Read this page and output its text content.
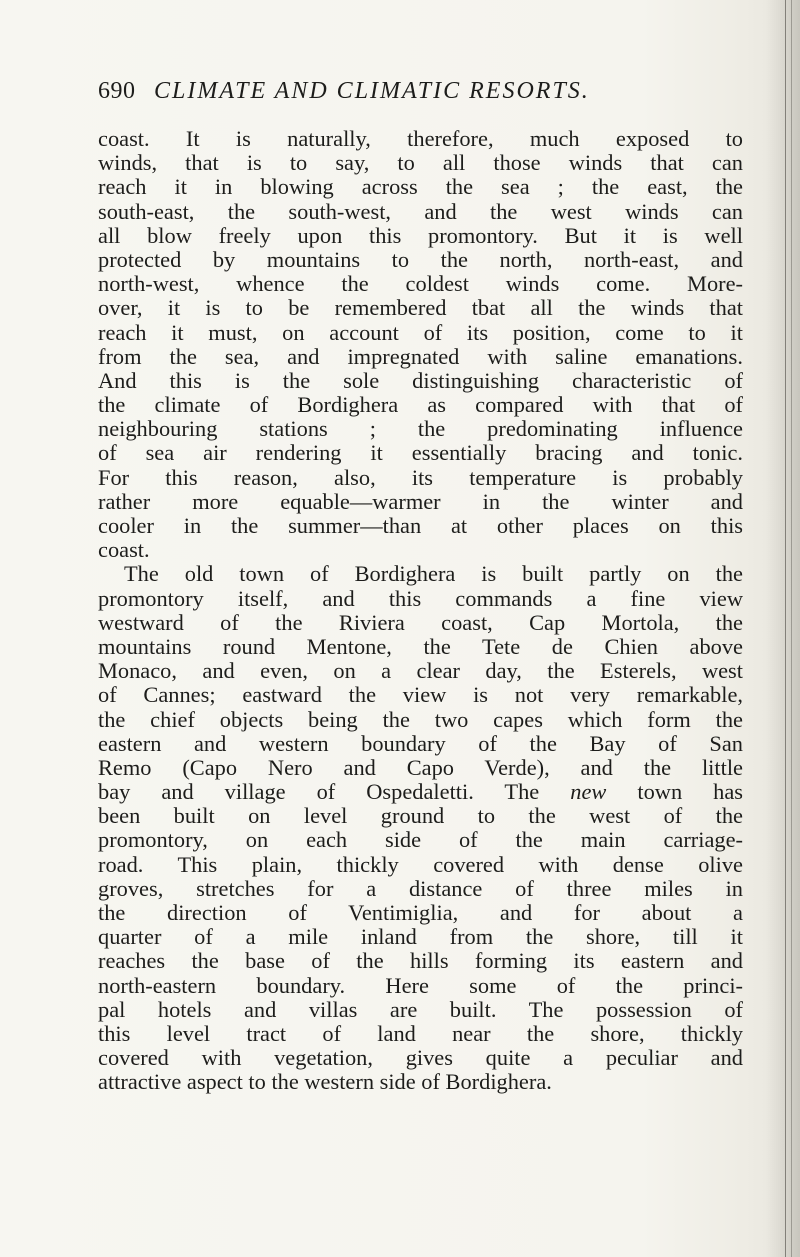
690 CLIMATE AND CLIMATIC RESORTS.
coast. It is naturally, therefore, much exposed to
winds, that is to say, to all those winds that can
reach it in blowing across the sea ; the east, the
south-east, the south-west, and the west winds can
all blow freely upon this promontory. But it is well
protected by mountains to the north, north-east, and
north-west, whence the coldest winds come. More-
over, it is to be remembered tbat all the winds that
reach it must, on account of its position, come to it
from the sea, and impregnated with saline emanations.
And this is the sole distinguishing characteristic of
the climate of Bordighera as compared with that of
neighbouring stations ; the predominating influence
of sea air rendering it essentially bracing and tonic.
For this reason, also, its temperature is probably
rather more equable—warmer in the winter and
cooler in the summer—than at other places on this
coast.
The old town of Bordighera is built partly on the
promontory itself, and this commands a fine view
westward of the Riviera coast, Cap Mortola, the
mountains round Mentone, the Tete de Chien above
Monaco, and even, on a clear day, the Esterels, west
of Cannes; eastward the view is not very remarkable,
the chief objects being the two capes which form the
eastern and western boundary of the Bay of San
Remo (Capo Nero and Capo Verde), and the little
bay and village of Ospedaletti. The new town has
been built on level ground to the west of the
promontory, on each side of the main carriage-
road. This plain, thickly covered with dense olive
groves, stretches for a distance of three miles in
the direction of Ventimiglia, and for about a
quarter of a mile inland from the shore, till it
reaches the base of the hills forming its eastern and
north-eastern boundary. Here some of the princi-
pal hotels and villas are built. The possession of
this level tract of land near the shore, thickly
covered with vegetation, gives quite a peculiar and
attractive aspect to the western side of Bordighera.
